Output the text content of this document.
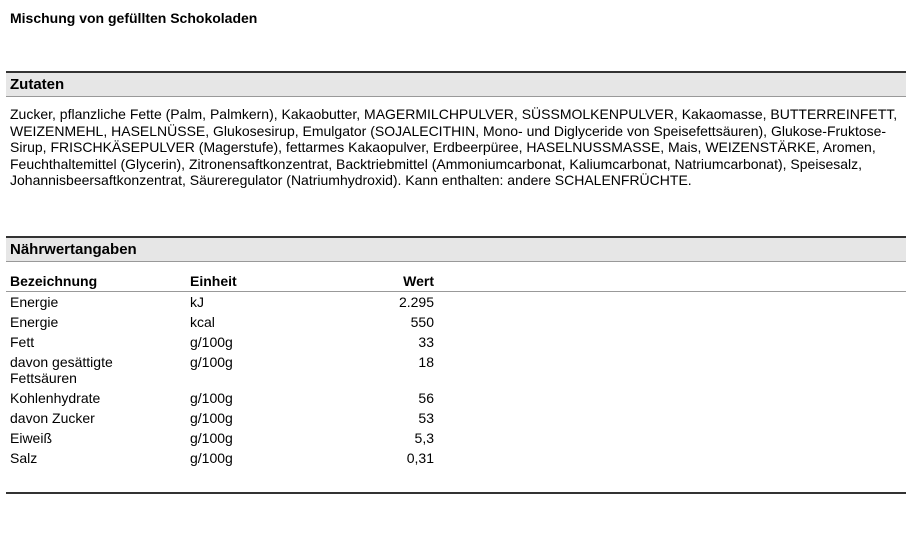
Mischung von gefüllten Schokoladen
Zutaten
Zucker, pflanzliche Fette (Palm, Palmkern), Kakaobutter, MAGERMILCHPULVER, SÜSSMOLKENPULVER, Kakaomasse, BUTTERREINFETT, WEIZENMEHL, HASELNÜSSE, Glukosesirup, Emulgator (SOJALECITHIN, Mono- und Diglyceride von Speisefettsäuren), Glukose-Fruktose-Sirup, FRISCHKÄSEPULVER (Magerstufe), fettarmes Kakaopulver, Erdbeerpüree, HASELNUSSMASSE, Mais, WEIZENSTÄRKE, Aromen, Feuchthaltemittel (Glycerin), Zitronensaftkonzentrat, Backtriebmittel (Ammoniumcarbonat, Kaliumcarbonat, Natriumcarbonat), Speisesalz, Johannisbeersaftkonzentrat, Säureregulator (Natriumhydroxid). Kann enthalten: andere SCHALENFRÜCHTE.
Nährwertangaben
Bezeichnung	Einheit	Wert	
Energie	kJ	2.295	
Energie	kcal	550	
Fett	g/100g	33	
davon gesättigte Fettsäuren	g/100g	18	
Kohlenhydrate	g/100g	56	
davon Zucker	g/100g	53	
Eiweiß	g/100g	5,3	
Salz	g/100g	0,31	
